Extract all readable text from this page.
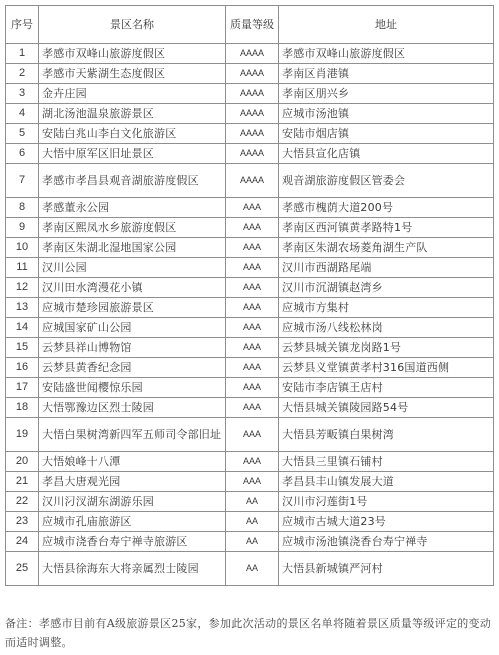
序号	景区名称	质量等级	地址
1	孝感市双峰山旅游度假区	AAAA	孝感市双峰山旅游度假区
2	孝感市天紫湖生态度假区	AAAA	孝南区肖港镇
3	金卉庄园	AAAA	孝南区朋兴乡
4	湖北汤池温泉旅游景区	AAAA	应城市汤池镇
5	安陆白兆山李白文化旅游区	AAAA	安陆市烟店镇
6	大悟中原军区旧址景区	AAAA	大悟县宣化店镇
7	孝感市孝昌县观音湖旅游度假区	AAAA	观音湖旅游度假区管委会
8	孝感董永公园	AAA	孝感市槐荫大道200号
9	孝南区熙凤水乡旅游度假区	AAA	孝南区西河镇黄孝路特1号
10	孝南区朱湖北湿地国家公园	AAA	孝南区朱湖农场菱角湖生产队
11	汉川公园	AAA	汉川市西湖路尾端
12	汉川田水湾漫花小镇	AAA	汉川市沉湖镇赵湾乡
13	应城市楚珍园旅游景区	AAA	应城市方集村
14	应城国家矿山公园	AAA	应城市汤八线松林岗
15	云梦县祥山博物馆	AAA	云梦县城关镇龙岗路1号
16	云梦县黄香纪念园	AAA	云梦县义堂镇黄孝村316国道西侧
17	安陆盛世闻樱惊乐园	AAA	安陆市李店镇王店村
18	大悟鄂豫边区烈士陵园	AAA	大悟县城关镇陵园路54号
19	大悟白果树湾新四军五师司令部旧址	AAA	大悟县芳畈镇白果树湾
20	大悟娘峰十八潭	AAA	大悟县三里镇石铺村
21	孝昌大唐观光园	AAA	孝昌县丰山镇发展大道
22	汉川汈汊湖东湖游乐园	AA	汉川市汈莲街1号
23	应城市孔庙旅游区	AA	应城市古城大道23号
24	应城市浇香台寿宁禅寺旅游区	AA	应城市汤池镇浇香台寿宁禅寺
25	大悟县徐海东大将亲属烈士陵园	AA	大悟县新城镇严河村
备注：孝感市目前有A级旅游景区25家，参加此次活动的景区名单将随着景区质量等级评定的变动而适时调整。
